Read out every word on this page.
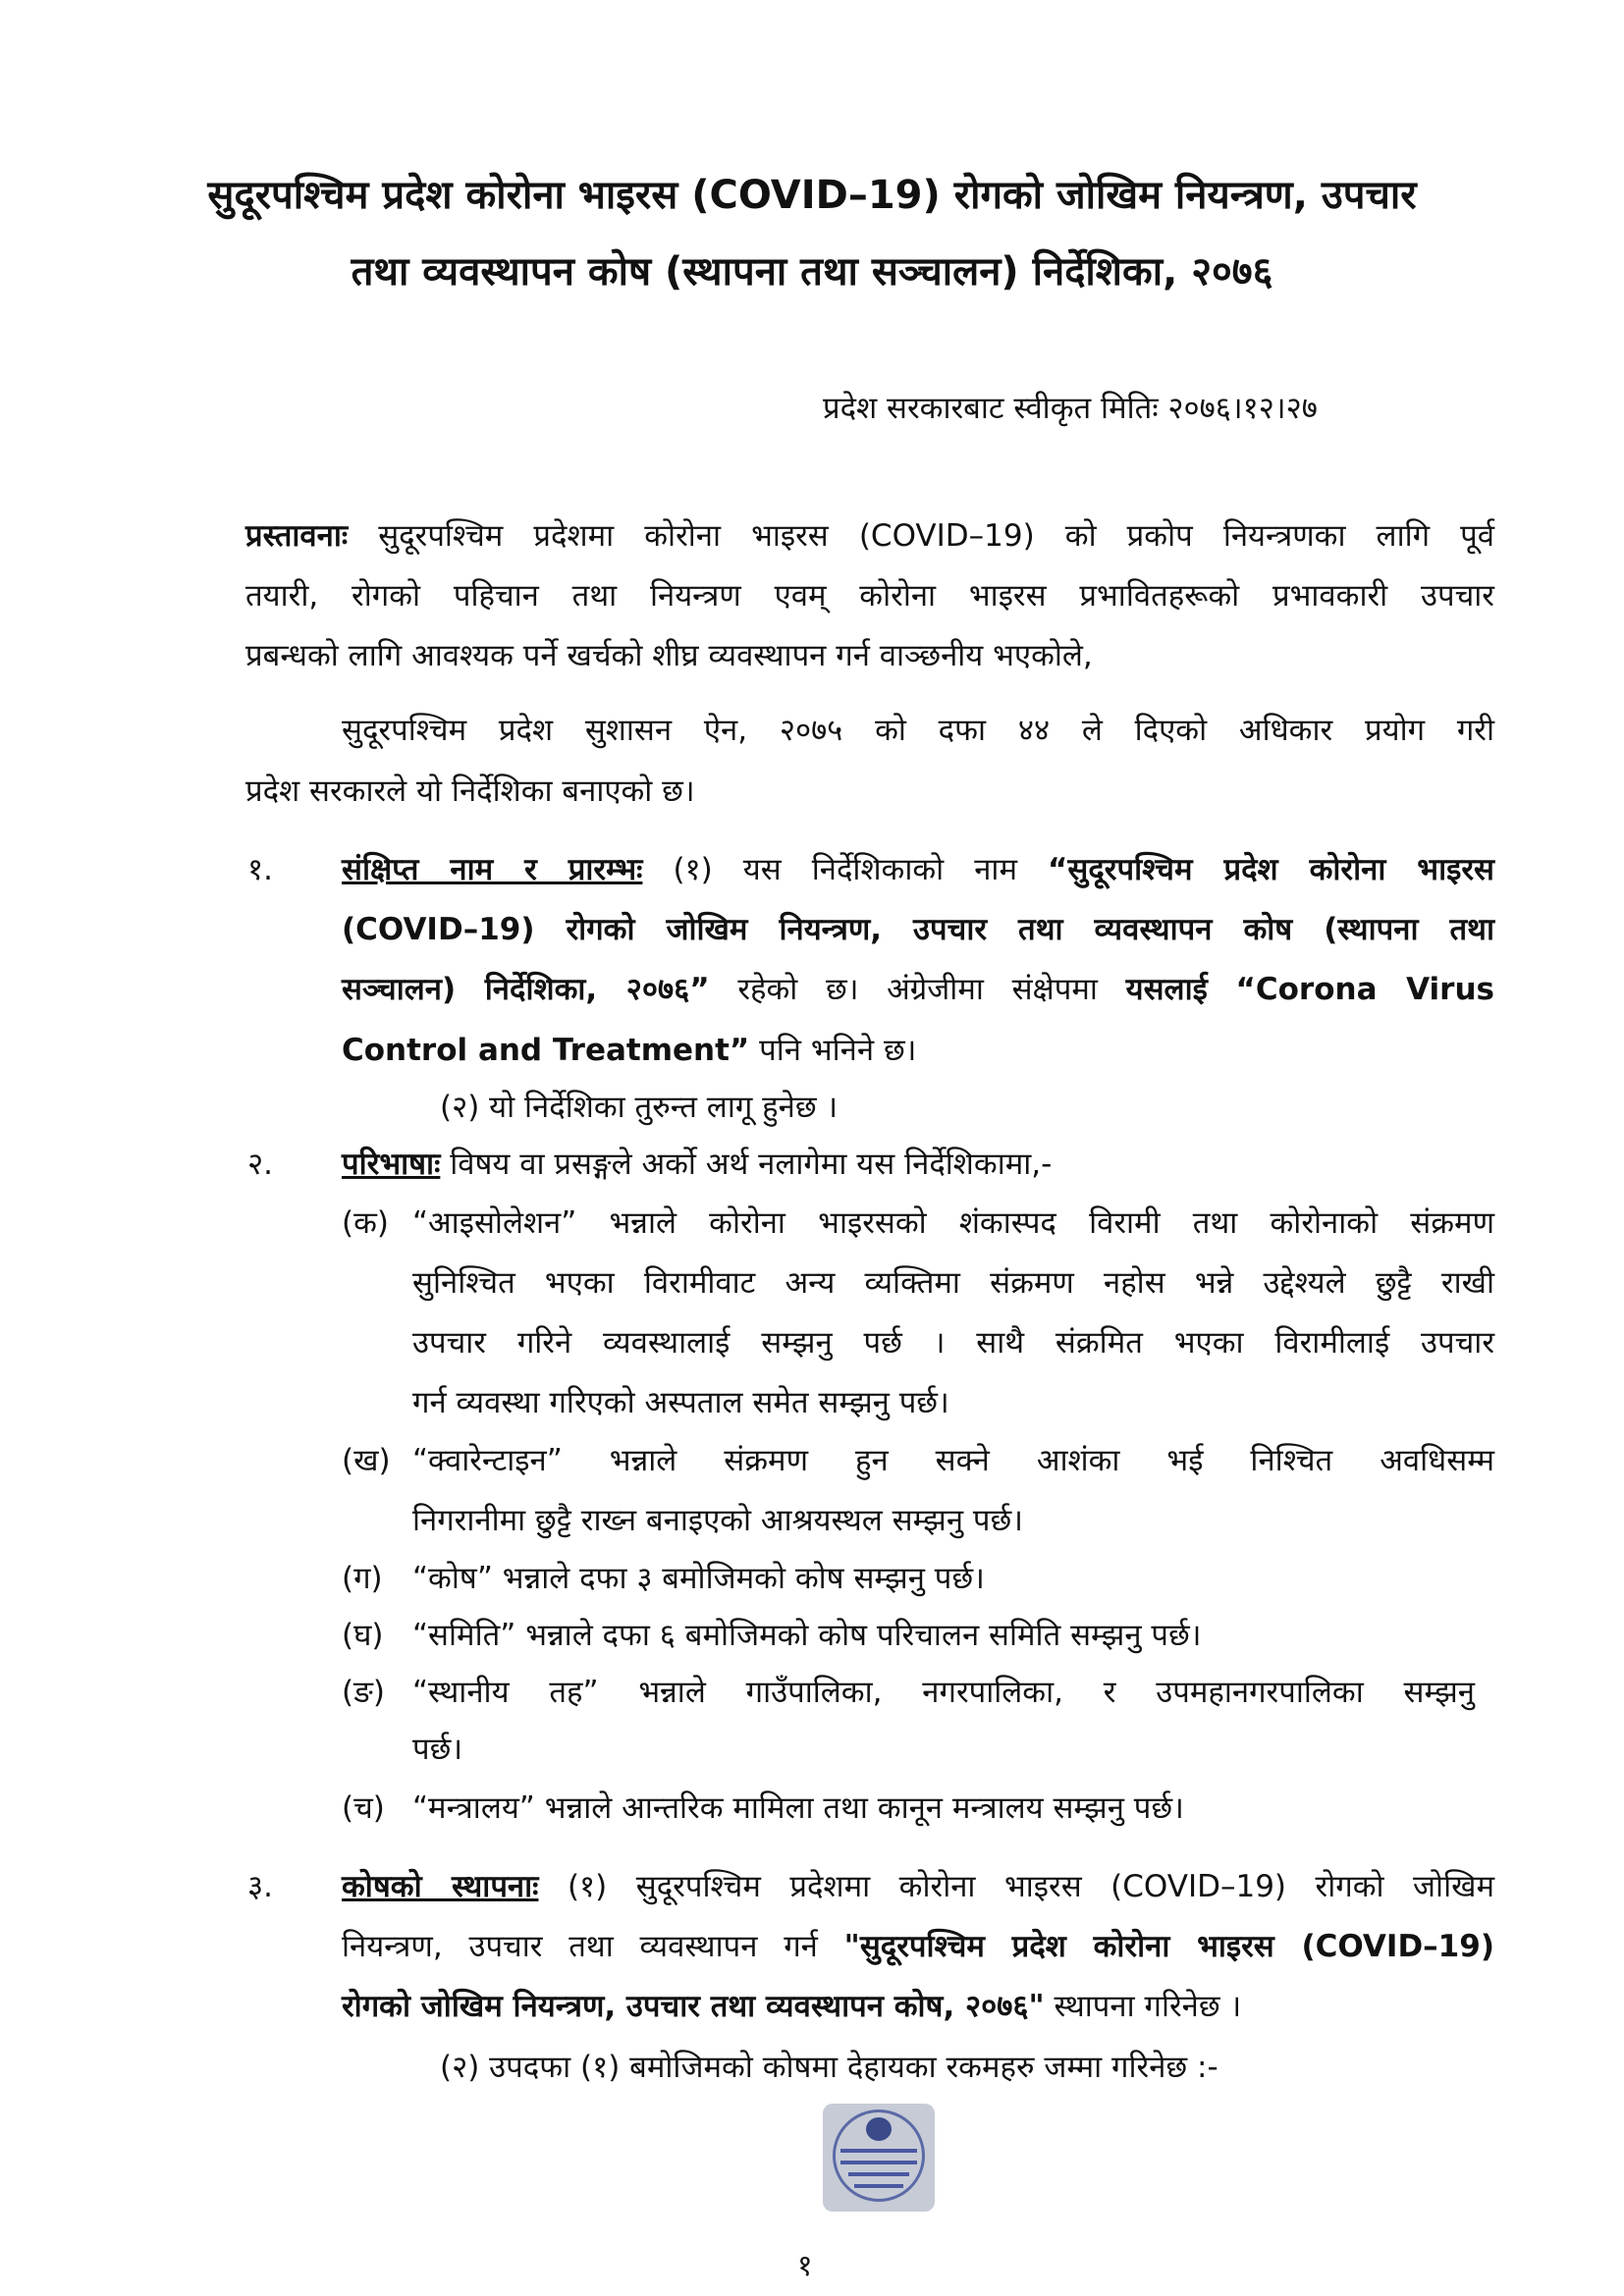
सुदूरपश्चिम प्रदेश कोरोना भाइरस (COVID–19) रोगको जोखिम नियन्त्रण, उपचार
तथा व्यवस्थापन कोष (स्थापना तथा सञ्चालन) निर्देशिका, २०७६
प्रदेश सरकारबाट स्वीकृत मितिः २०७६।१२।२७
प्रस्तावनाः सुदूरपश्चिम प्रदेशमा कोरोना भाइरस (COVID–19) को प्रकोप नियन्त्रणका लागि पूर्व
तयारी, रोगको पहिचान तथा नियन्त्रण एवम् कोरोना भाइरस प्रभावितहरूको प्रभावकारी उपचार
प्रबन्धको लागि आवश्यक पर्ने खर्चको शीघ्र व्यवस्थापन गर्न वाञ्छनीय भएकोले,
सुदूरपश्चिम प्रदेश सुशासन ऐन, २०७५ को दफा ४४ ले दिएको अधिकार प्रयोग गरी
प्रदेश सरकारले यो निर्देशिका बनाएको छ।
१. संक्षिप्त नाम र प्रारम्भः (१) यस निर्देशिकाको नाम “सुदूरपश्चिम प्रदेश कोरोना भाइरस
(COVID–19) रोगको जोखिम नियन्त्रण, उपचार तथा व्यवस्थापन कोष (स्थापना तथा
सञ्चालन) निर्देशिका, २०७६” रहेको छ। अंग्रेजीमा संक्षेपमा यसलाई “Corona Virus
Control and Treatment” पनि भनिने छ।
(२) यो निर्देशिका तुरुन्त लागू हुनेछ ।
२. परिभाषाः विषय वा प्रसङ्गले अर्को अर्थ नलागेमा यस निर्देशिकामा,-
(क) “आइसोलेशन” भन्नाले कोरोना भाइरसको शंकास्पद विरामी तथा कोरोनाको संक्रमण
सुनिश्चित भएका विरामीवाट अन्य व्यक्तिमा संक्रमण नहोस भन्ने उद्देश्यले छुट्टै राखी
उपचार गरिने व्यवस्थालाई सम्झनु पर्छ । साथै संक्रमित भएका विरामीलाई उपचार
गर्न व्यवस्था गरिएको अस्पताल समेत सम्झनु पर्छ।
(ख) “क्वारेन्टाइन” भन्नाले संक्रमण हुन सक्ने आशंका भई निश्चित अवधिसम्म
निगरानीमा छुट्टै राख्न बनाइएको आश्रयस्थल सम्झनु पर्छ।
(ग) “कोष” भन्नाले दफा ३ बमोजिमको कोष सम्झनु पर्छ।
(घ) “समिति” भन्नाले दफा ६ बमोजिमको कोष परिचालन समिति सम्झनु पर्छ।
(ङ) “स्थानीय तह” भन्नाले गाउँपालिका, नगरपालिका, र उपमहानगरपालिका सम्झनु
पर्छ।
(च) “मन्त्रालय” भन्नाले आन्तरिक मामिला तथा कानून मन्त्रालय सम्झनु पर्छ।
३. कोषको स्थापनाः (१) सुदूरपश्चिम प्रदेशमा कोरोना भाइरस (COVID–19) रोगको जोखिम
नियन्त्रण, उपचार तथा व्यवस्थापन गर्न "सुदूरपश्चिम प्रदेश कोरोना भाइरस (COVID–19)
रोगको जोखिम नियन्त्रण, उपचार तथा व्यवस्थापन कोष, २०७६" स्थापना गरिनेछ ।
(२) उपदफा (१) बमोजिमको कोषमा देहायका रकमहरु जम्मा गरिनेछ :-
१
